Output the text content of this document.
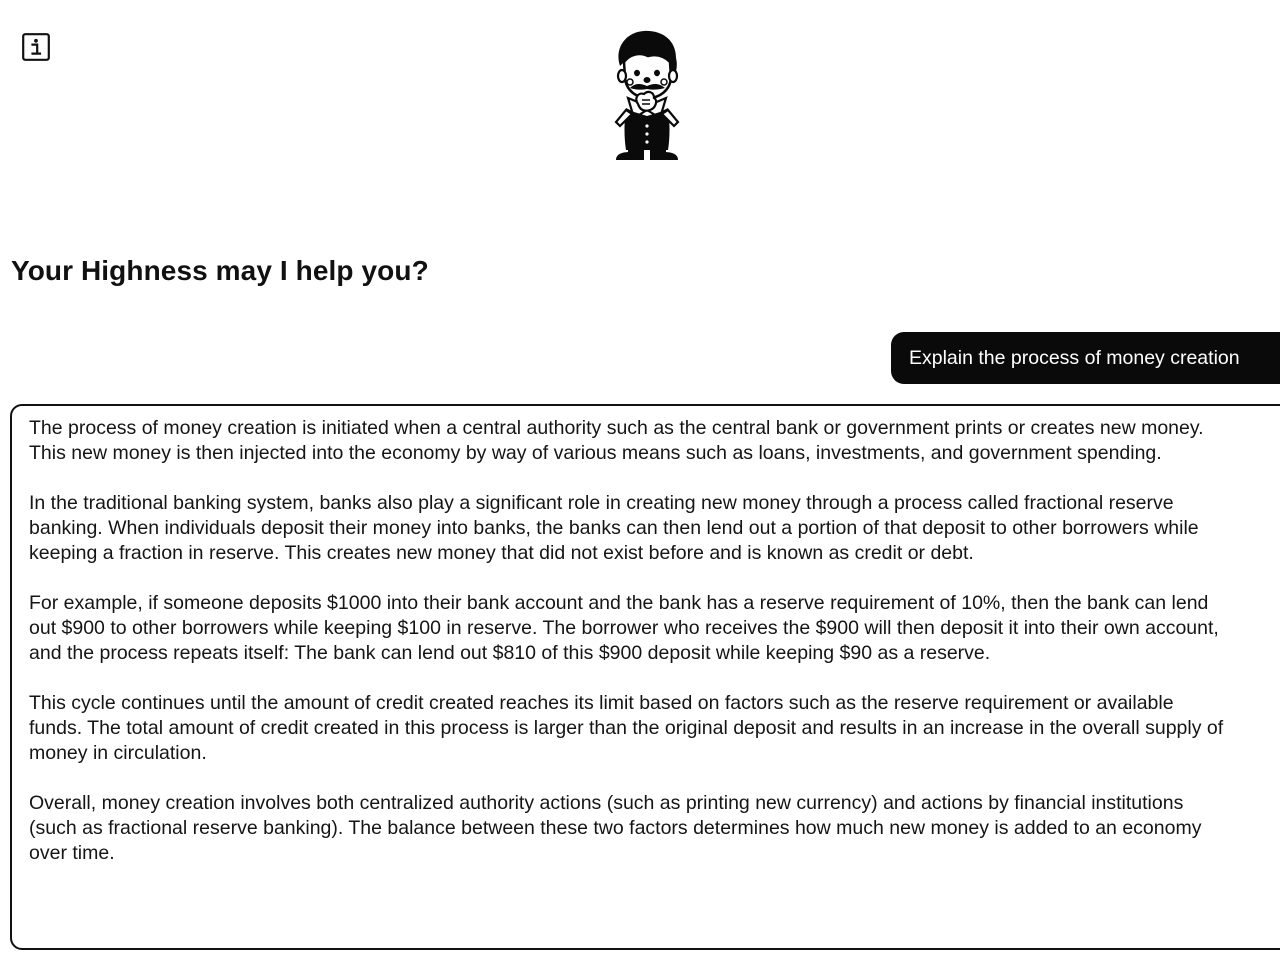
Your Highness may I help you?
Explain the process of money creation

The process of money creation is initiated when a central authority such as the central bank or government prints or creates new money. This new money is then injected into the economy by way of various means such as loans, investments, and government spending.

In the traditional banking system, banks also play a significant role in creating new money through a process called fractional reserve banking. When individuals deposit their money into banks, the banks can then lend out a portion of that deposit to other borrowers while keeping a fraction in reserve. This creates new money that did not exist before and is known as credit or debt.

For example, if someone deposits $1000 into their bank account and the bank has a reserve requirement of 10%, then the bank can lend out $900 to other borrowers while keeping $100 in reserve. The borrower who receives the $900 will then deposit it into their own account, and the process repeats itself: The bank can lend out $810 of this $900 deposit while keeping $90 as a reserve.

This cycle continues until the amount of credit created reaches its limit based on factors such as the reserve requirement or available funds. The total amount of credit created in this process is larger than the original deposit and results in an increase in the overall supply of money in circulation.

Overall, money creation involves both centralized authority actions (such as printing new currency) and actions by financial institutions (such as fractional reserve banking). The balance between these two factors determines how much new money is added to an economy over time.
